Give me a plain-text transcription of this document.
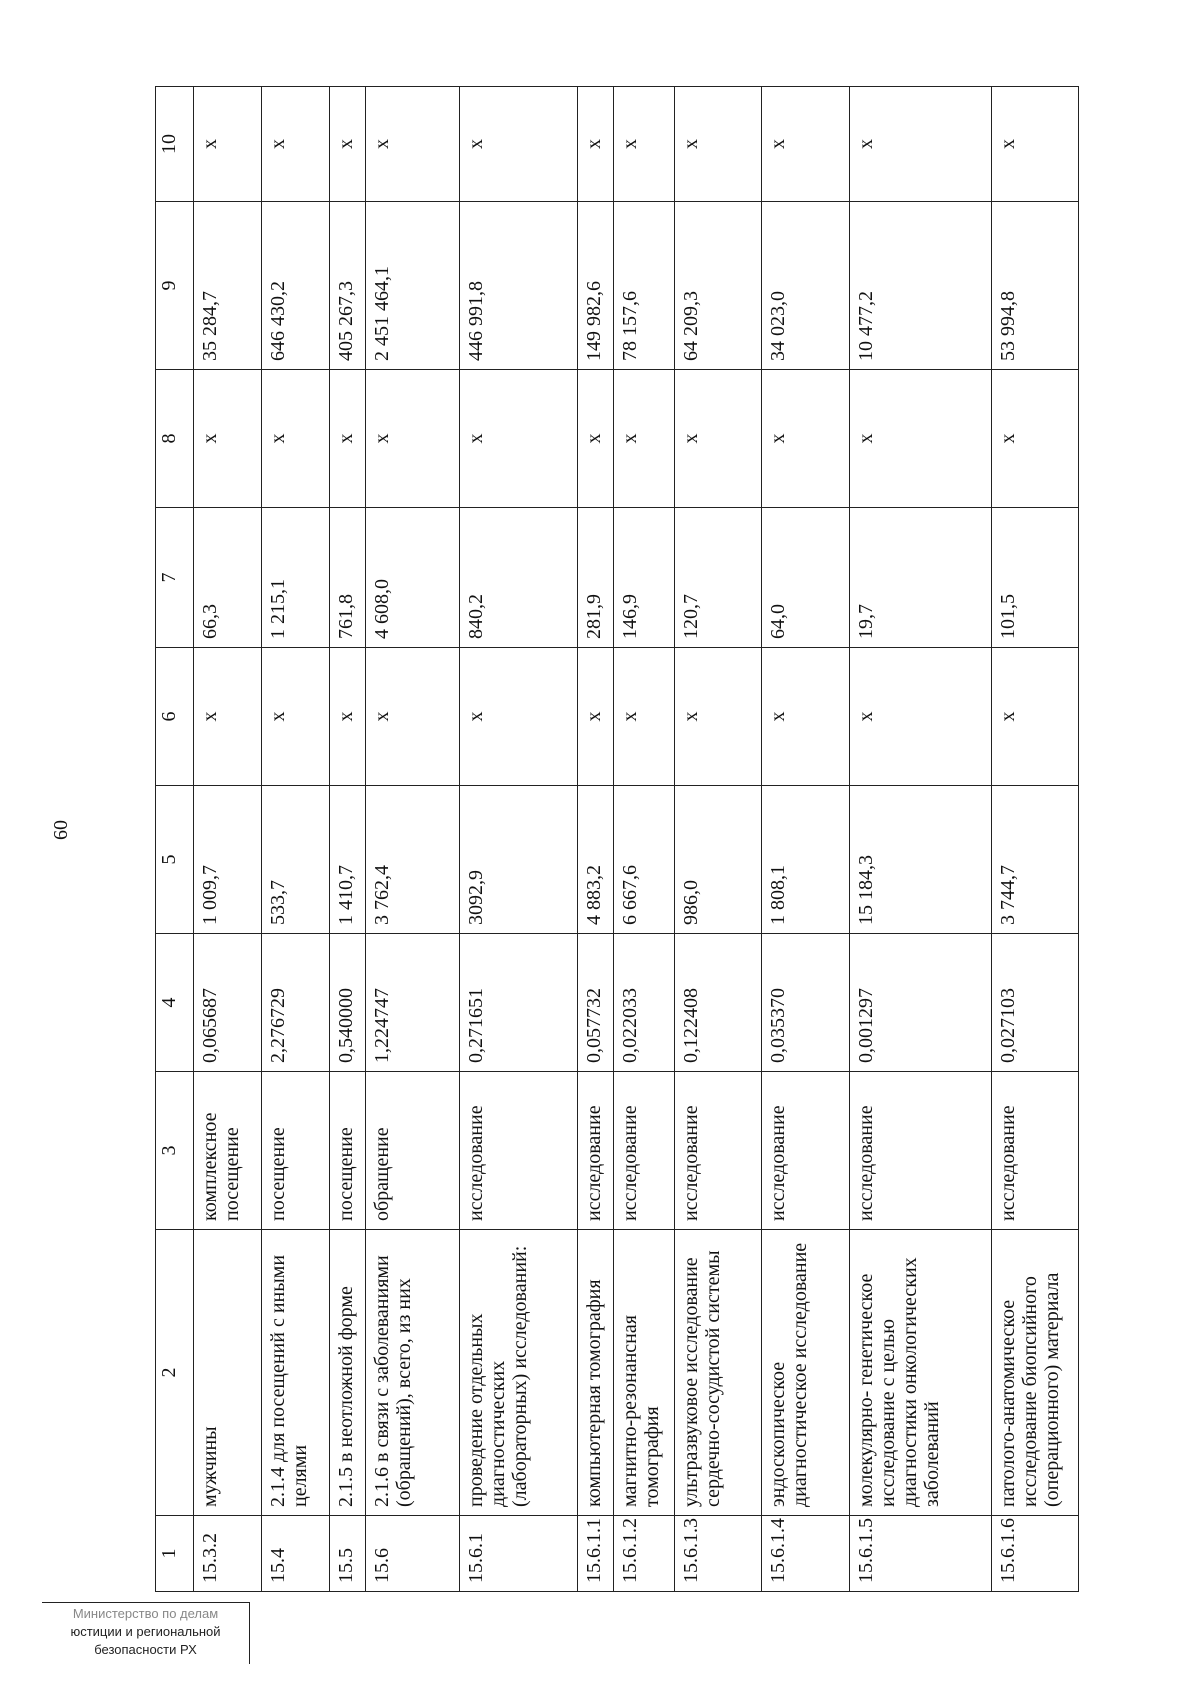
60
Министерство по делам
юстиции и региональной
безопасности РХ
1	2	3	4	5	6	7	8	9	10
15.3.2	мужчины	комплексное посещение	0,065687	1 009,7	х	66,3	х	35 284,7	х
15.4	2.1.4 для посещений с иными целями	посещение	2,276729	533,7	х	1 215,1	х	646 430,2	х
15.5	2.1.5 в неотложной форме	посещение	0,540000	1 410,7	х	761,8	х	405 267,3	х
15.6	2.1.6 в связи с заболеваниями (обращений), всего, из них	обращение	1,224747	3 762,4	х	4 608,0	х	2 451 464,1	х
15.6.1	проведение отдельных диагностических (лабораторных) исследований:	исследование	0,271651	3092,9	х	840,2	х	446 991,8	х
15.6.1.1	компьютерная томография	исследование	0,057732	4 883,2	х	281,9	х	149 982,6	х
15.6.1.2	магнитно-резонансная томография	исследование	0,022033	6 667,6	х	146,9	х	78 157,6	х
15.6.1.3	ультразвуковое исследование сердечно-сосудистой системы	исследование	0,122408	986,0	х	120,7	х	64 209,3	х
15.6.1.4	эндоскопическое диагностическое исследование	исследование	0,035370	1 808,1	х	64,0	х	34 023,0	х
15.6.1.5	молекулярно- генетическое исследование с целью диагностики онкологических заболеваний	исследование	0,001297	15 184,3	х	19,7	х	10 477,2	х
15.6.1.6	патолого-анатомическое исследование биопсийного (операционного) материала	исследование	0,027103	3 744,7	х	101,5	х	53 994,8	х
